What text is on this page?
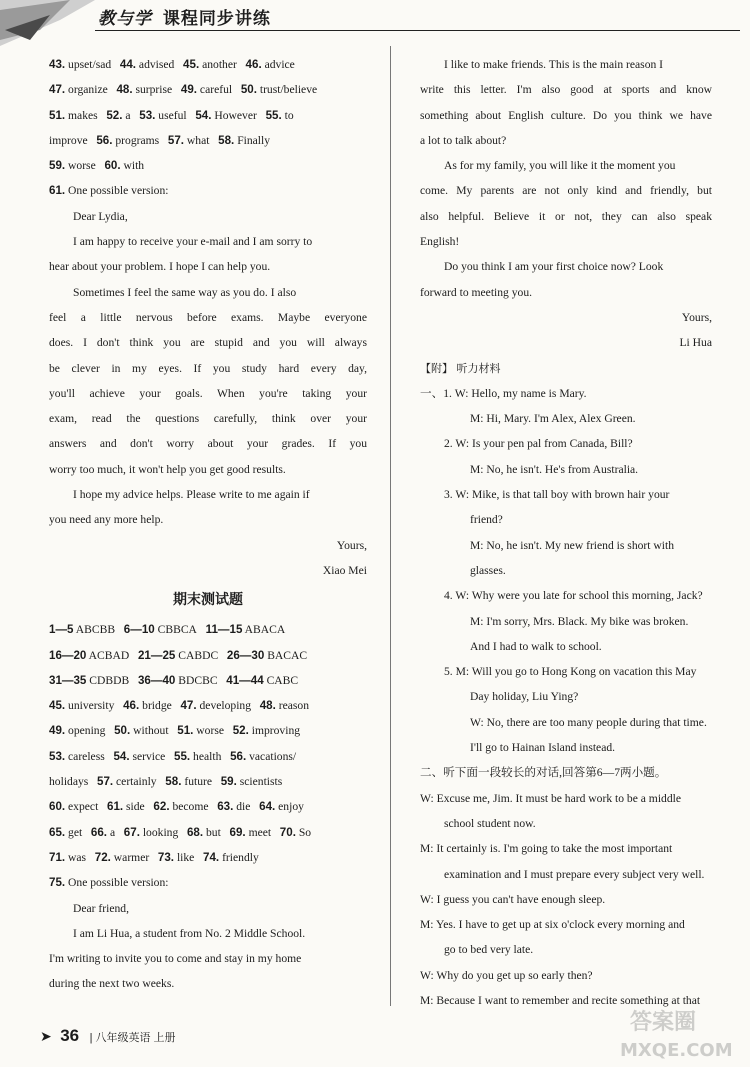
教与学 课程同步讲练
43. upset/sad 44. advised 45. another 46. advice
47. organize 48. surprise 49. careful 50. trust/believe
51. makes 52. a 53. useful 54. However 55. to
improve 56. programs 57. what 58. Finally
59. worse 60. with
61. One possible version:
Dear Lydia,
I am happy to receive your e-mail and I am sorry to
hear about your problem. I hope I can help you.
Sometimes I feel the same way as you do. I also
feel a little nervous before exams. Maybe everyone
does. I don't think you are stupid and you will always
be clever in my eyes. If you study hard every day,
you'll achieve your goals. When you're taking your
exam, read the questions carefully, think over your
answers and don't worry about your grades. If you
worry too much, it won't help you get good results.
I hope my advice helps. Please write to me again if
you need any more help.
Yours,
Xiao Mei
期末测试题
1—5 ABCBB 6—10 CBBCA 11—15 ABACA
16—20 ACBAD 21—25 CABDC 26—30 BACAC
31—35 CDBDB 36—40 BDCBC 41—44 CABC
45. university 46. bridge 47. developing 48. reason
49. opening 50. without 51. worse 52. improving
53. careless 54. service 55. health 56. vacations/
holidays 57. certainly 58. future 59. scientists
60. expect 61. side 62. become 63. die 64. enjoy
65. get 66. a 67. looking 68. but 69. meet 70. So
71. was 72. warmer 73. like 74. friendly
75. One possible version:
Dear friend,
I am Li Hua, a student from No. 2 Middle School.
I'm writing to invite you to come and stay in my home
during the next two weeks.
I like to make friends. This is the main reason I
write this letter. I'm also good at sports and know
something about English culture. Do you think we have
a lot to talk about?
As for my family, you will like it the moment you
come. My parents are not only kind and friendly, but
also helpful. Believe it or not, they can also speak
English!
Do you think I am your first choice now? Look
forward to meeting you.
Yours,
Li Hua
【附】 听力材料
一、1. W: Hello, my name is Mary.
M: Hi, Mary. I'm Alex, Alex Green.
2. W: Is your pen pal from Canada, Bill?
M: No, he isn't. He's from Australia.
3. W: Mike, is that tall boy with brown hair your
friend?
M: No, he isn't. My new friend is short with
glasses.
4. W: Why were you late for school this morning, Jack?
M: I'm sorry, Mrs. Black. My bike was broken.
And I had to walk to school.
5. M: Will you go to Hong Kong on vacation this May
Day holiday, Liu Ying?
W: No, there are too many people during that time.
I'll go to Hainan Island instead.
二、听下面一段较长的对话,回答第6—7两小题。
W: Excuse me, Jim. It must be hard work to be a middle
school student now.
M: It certainly is. I'm going to take the most important
examination and I must prepare every subject very well.
W: I guess you can't have enough sleep.
M: Yes. I have to get up at six o'clock every morning and
go to bed very late.
W: Why do you get up so early then?
M: Because I want to remember and recite something at that
➤ 36 | 八年级英语 上册
答案圈
MXQE.COM
